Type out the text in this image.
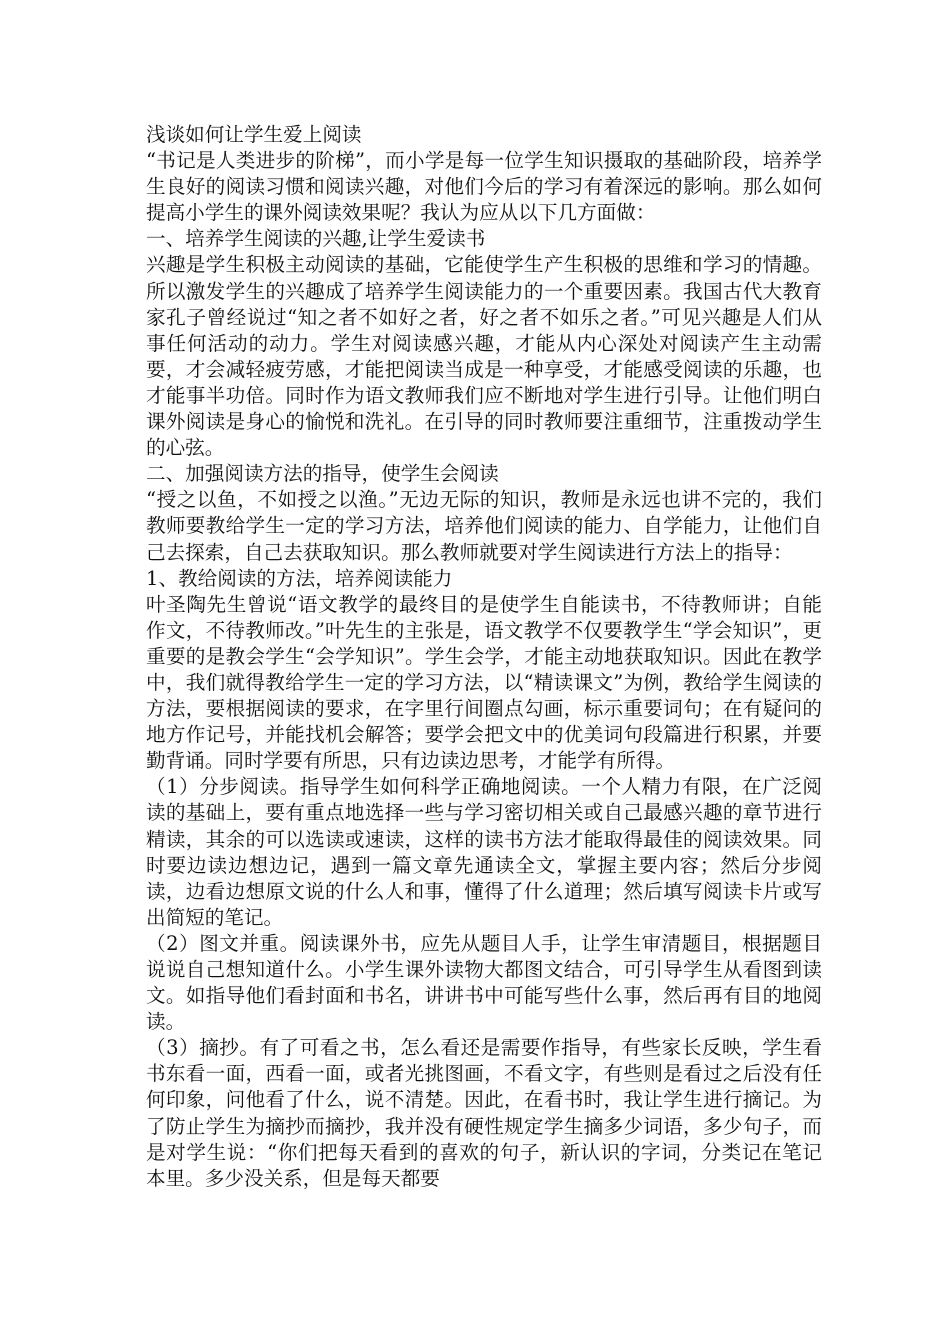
浅谈如何让学生爱上阅读

“书记是人类进步的阶梯”，而小学是每一位学生知识摄取的基础阶段，培养学生良好的阅读习惯和阅读兴趣，对他们今后的学习有着深远的影响。那么如何提高小学生的课外阅读效果呢？我认为应从以下几方面做：

一、培养学生阅读的兴趣,让学生爱读书

兴趣是学生积极主动阅读的基础，它能使学生产生积极的思维和学习的情趣。所以激发学生的兴趣成了培养学生阅读能力的一个重要因素。我国古代大教育家孔子曾经说过“知之者不如好之者，好之者不如乐之者。”可见兴趣是人们从事任何活动的动力。学生对阅读感兴趣，才能从内心深处对阅读产生主动需要，才会减轻疲劳感，才能把阅读当成是一种享受，才能感受阅读的乐趣，也才能事半功倍。同时作为语文教师我们应不断地对学生进行引导。让他们明白课外阅读是身心的愉悦和洗礼。在引导的同时教师要注重细节，注重拨动学生的心弦。

二、加强阅读方法的指导，使学生会阅读

“授之以鱼，不如授之以渔。”无边无际的知识，教师是永远也讲不完的，我们教师要教给学生一定的学习方法，培养他们阅读的能力、自学能力，让他们自己去探索，自己去获取知识。那么教师就要对学生阅读进行方法上的指导：

1、教给阅读的方法，培养阅读能力

叶圣陶先生曾说“语文教学的最终目的是使学生自能读书，不待教师讲；自能作文，不待教师改。”叶先生的主张是，语文教学不仅要教学生“学会知识”，更重要的是教会学生“会学知识”。学生会学，才能主动地获取知识。因此在教学中，我们就得教给学生一定的学习方法，以“精读课文”为例，教给学生阅读的方法，要根据阅读的要求，在字里行间圈点勾画，标示重要词句；在有疑问的地方作记号，并能找机会解答；要学会把文中的优美词句段篇进行积累，并要勤背诵。同时学要有所思，只有边读边思考，才能学有所得。

（1）分步阅读。指导学生如何科学正确地阅读。一个人精力有限，在广泛阅读的基础上，要有重点地选择一些与学习密切相关或自己最感兴趣的章节进行精读，其余的可以选读或速读，这样的读书方法才能取得最佳的阅读效果。同时要边读边想边记，遇到一篇文章先通读全文，掌握主要内容；然后分步阅读，边看边想原文说的什么人和事，懂得了什么道理；然后填写阅读卡片或写出简短的笔记。

（2）图文并重。阅读课外书，应先从题目人手，让学生审清题目，根据题目说说自己想知道什么。小学生课外读物大都图文结合，可引导学生从看图到读文。如指导他们看封面和书名，讲讲书中可能写些什么事，然后再有目的地阅读。

（3）摘抄。有了可看之书，怎么看还是需要作指导，有些家长反映，学生看书东看一面，西看一面，或者光挑图画，不看文字，有些则是看过之后没有任何印象，问他看了什么，说不清楚。因此，在看书时，我让学生进行摘记。为了防止学生为摘抄而摘抄，我并没有硬性规定学生摘多少词语，多少句子，而是对学生说：“你们把每天看到的喜欢的句子，新认识的字词，分类记在笔记本里。多少没关系，但是每天都要
